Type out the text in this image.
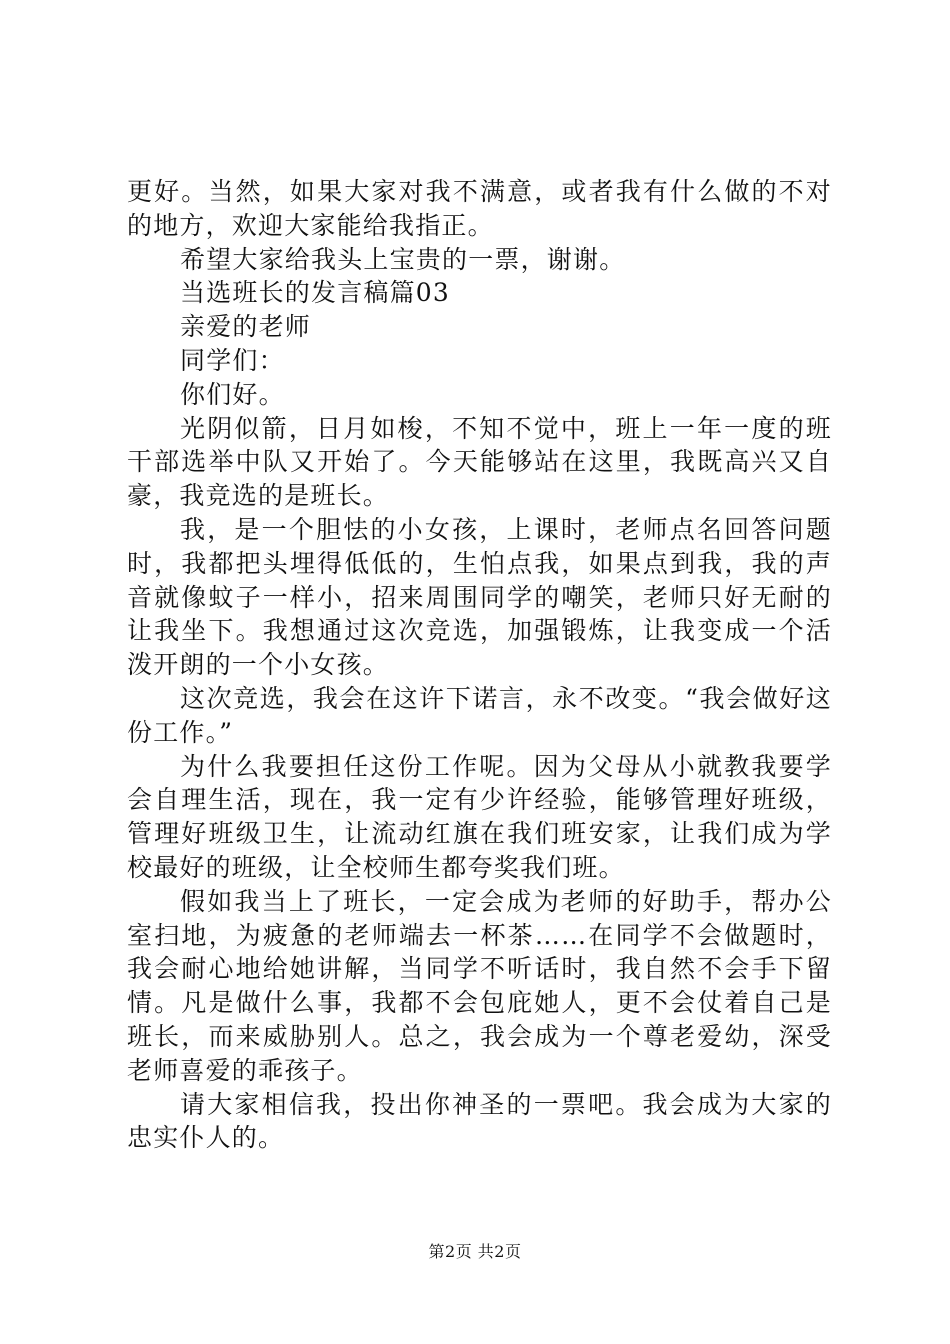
更好。当然，如果大家对我不满意，或者我有什么做的不对的地方，欢迎大家能给我指正。

希望大家给我头上宝贵的一票，谢谢。

当选班长的发言稿篇03

亲爱的老师

同学们：

你们好。

光阴似箭，日月如梭，不知不觉中，班上一年一度的班干部选举中队又开始了。今天能够站在这里，我既高兴又自豪，我竞选的是班长。

我，是一个胆怯的小女孩，上课时，老师点名回答问题时，我都把头埋得低低的，生怕点我，如果点到我，我的声音就像蚊子一样小，招来周围同学的嘲笑，老师只好无耐的让我坐下。我想通过这次竞选，加强锻炼，让我变成一个活泼开朗的一个小女孩。

这次竞选，我会在这许下诺言，永不改变。“我会做好这份工作。”

为什么我要担任这份工作呢。因为父母从小就教我要学会自理生活，现在，我一定有少许经验，能够管理好班级，管理好班级卫生，让流动红旗在我们班安家，让我们成为学校最好的班级，让全校师生都夸奖我们班。

假如我当上了班长，一定会成为老师的好助手，帮办公室扫地，为疲惫的老师端去一杯茶……在同学不会做题时，我会耐心地给她讲解，当同学不听话时，我自然不会手下留情。凡是做什么事，我都不会包庇她人，更不会仗着自己是班长，而来威胁别人。总之，我会成为一个尊老爱幼，深受老师喜爱的乖孩子。

请大家相信我，投出你神圣的一票吧。我会成为大家的忠实仆人的。

第2页 共2页
